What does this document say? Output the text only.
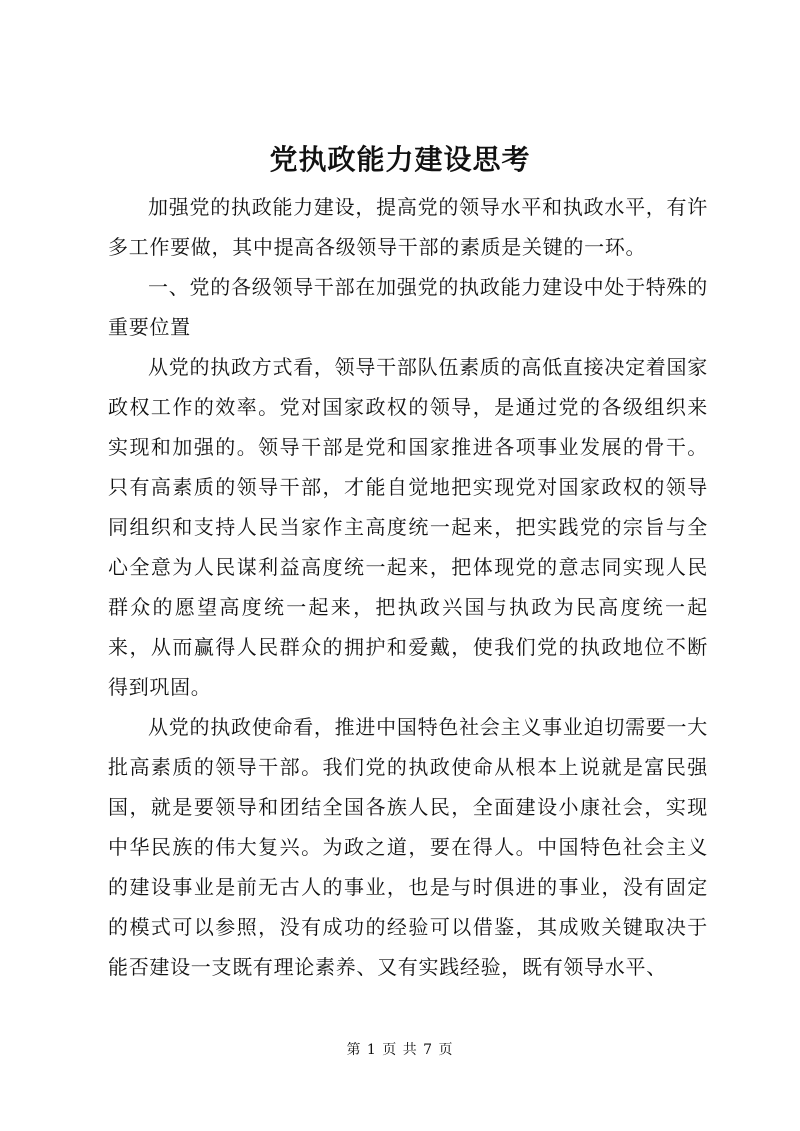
党执政能力建设思考

加强党的执政能力建设，提高党的领导水平和执政水平，有许多工作要做，其中提高各级领导干部的素质是关键的一环。

一、党的各级领导干部在加强党的执政能力建设中处于特殊的重要位置

从党的执政方式看，领导干部队伍素质的高低直接决定着国家政权工作的效率。党对国家政权的领导，是通过党的各级组织来实现和加强的。领导干部是党和国家推进各项事业发展的骨干。只有高素质的领导干部，才能自觉地把实现党对国家政权的领导同组织和支持人民当家作主高度统一起来，把实践党的宗旨与全心全意为人民谋利益高度统一起来，把体现党的意志同实现人民群众的愿望高度统一起来，把执政兴国与执政为民高度统一起来，从而赢得人民群众的拥护和爱戴，使我们党的执政地位不断得到巩固。

从党的执政使命看，推进中国特色社会主义事业迫切需要一大批高素质的领导干部。我们党的执政使命从根本上说就是富民强国，就是要领导和团结全国各族人民，全面建设小康社会，实现中华民族的伟大复兴。为政之道，要在得人。中国特色社会主义的建设事业是前无古人的事业，也是与时俱进的事业，没有固定的模式可以参照，没有成功的经验可以借鉴，其成败关键取决于能否建设一支既有理论素养、又有实践经验，既有领导水平、

第 1 页 共 7 页
